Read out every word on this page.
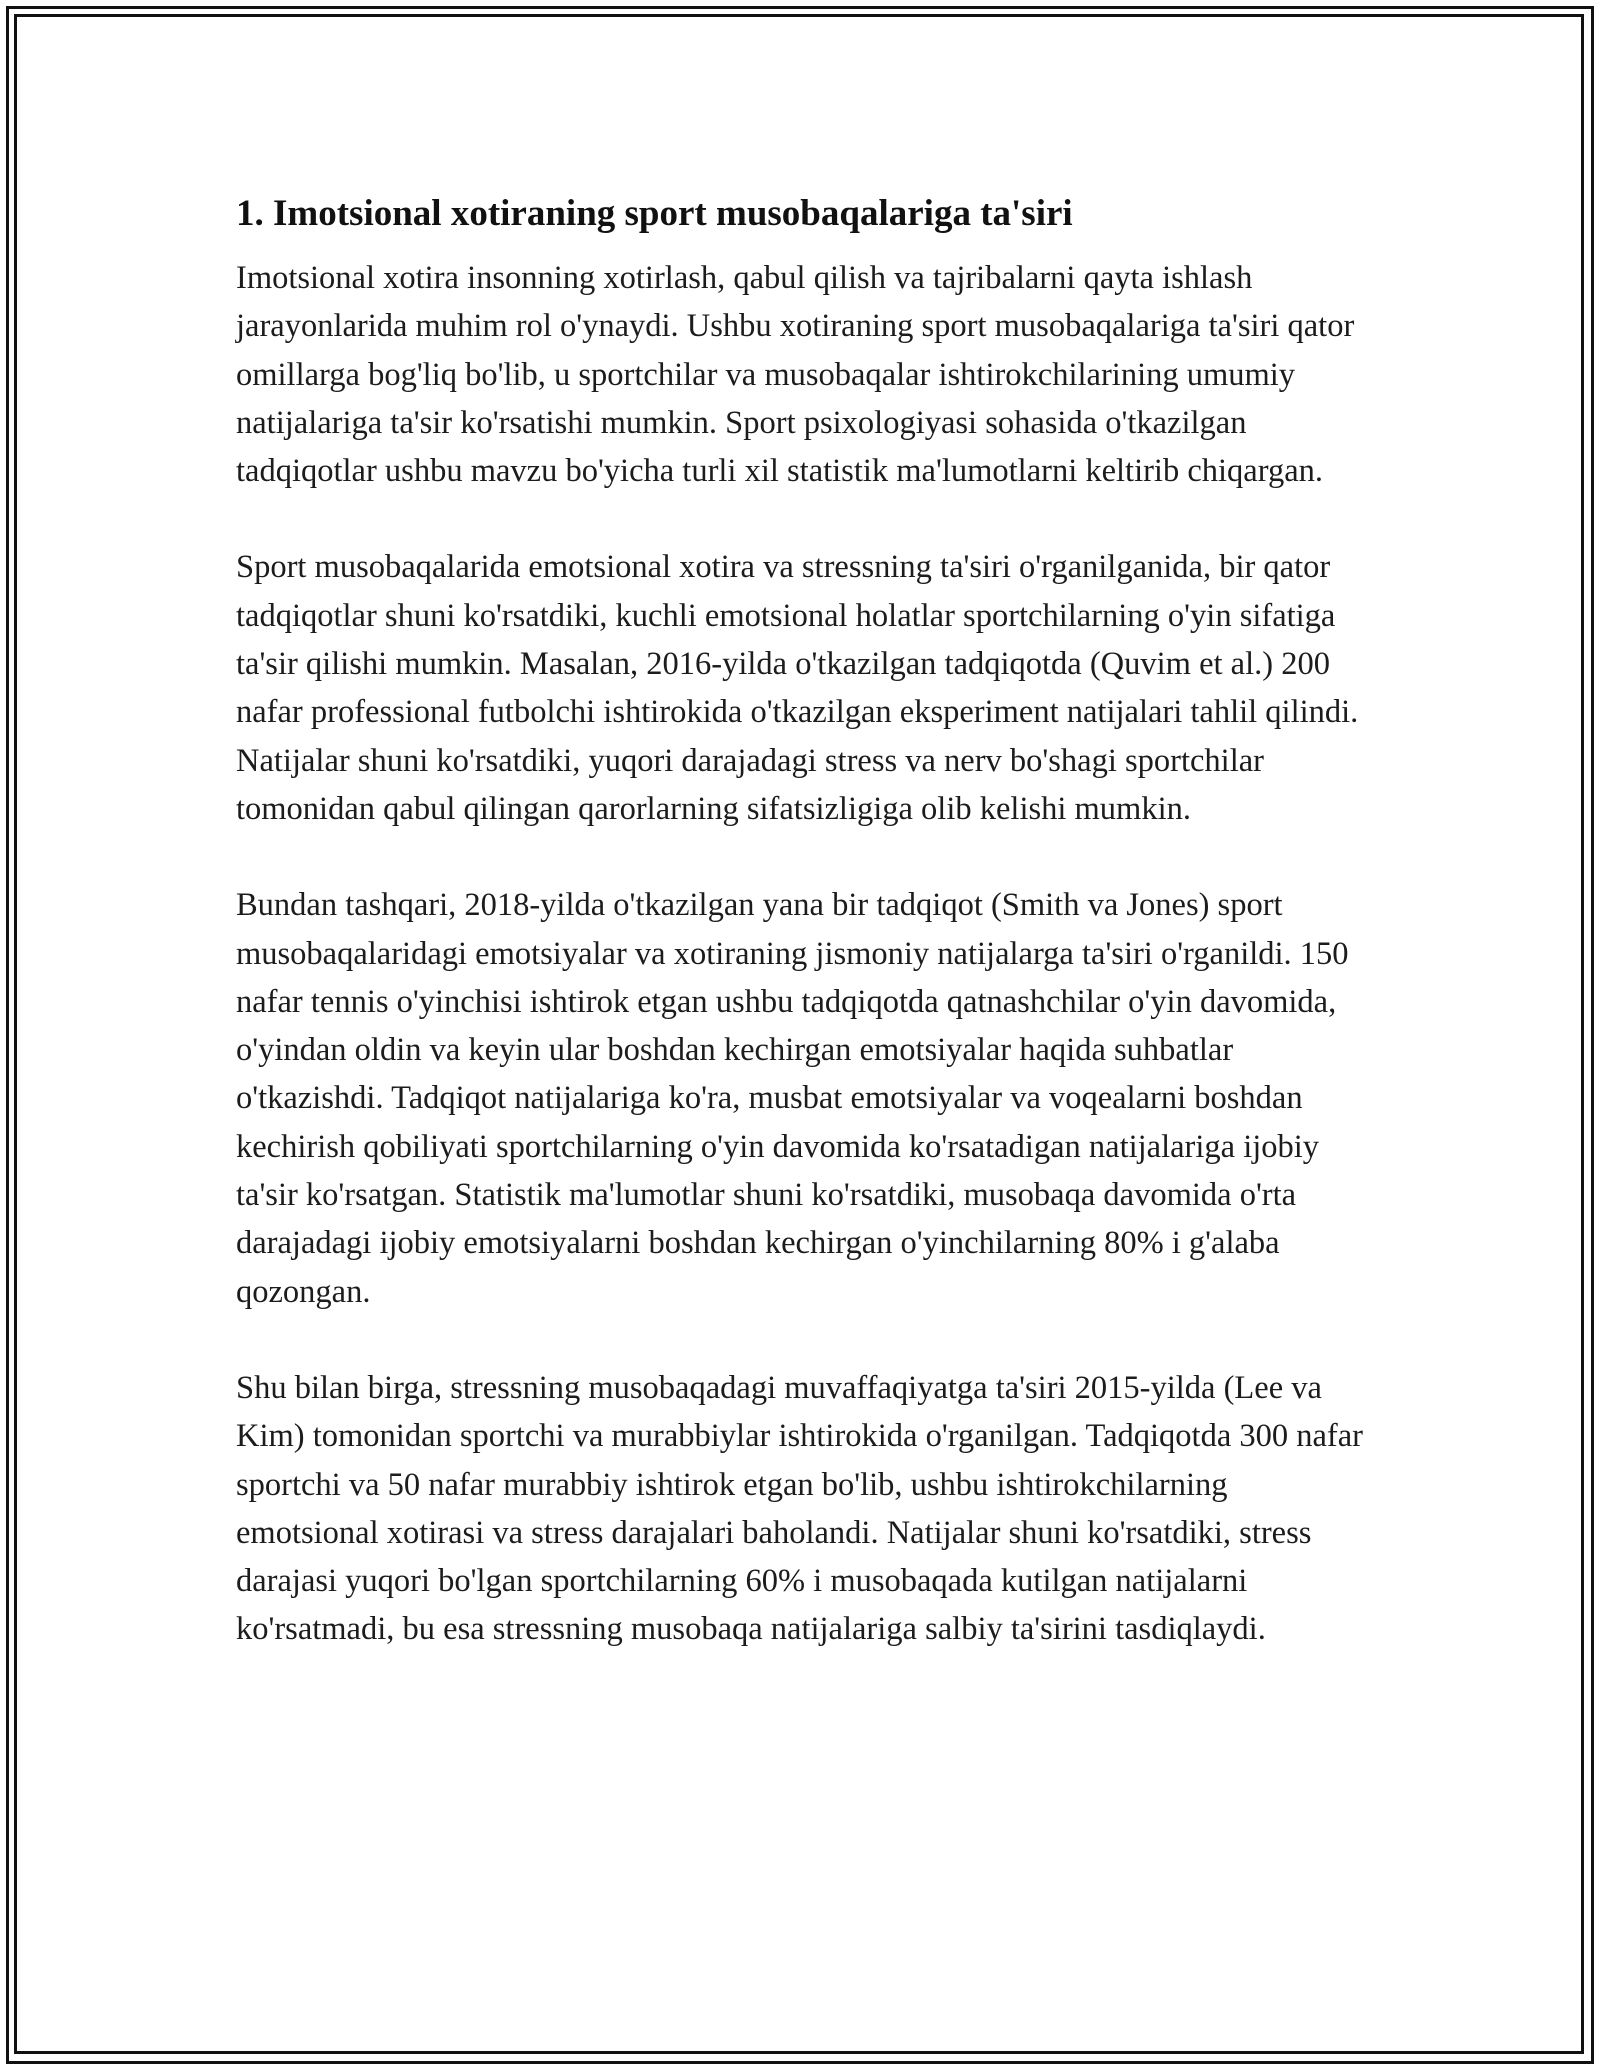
1. Imotsional xotiraning sport musobaqalariga ta'siri

Imotsional xotira insonning xotirlash, qabul qilish va tajribalarni qayta ishlash jarayonlarida muhim rol o'ynaydi. Ushbu xotiraning sport musobaqalariga ta'siri qator omillarga bog'liq bo'lib, u sportchilar va musobaqalar ishtirokchilarining umumiy natijalariga ta'sir ko'rsatishi mumkin. Sport psixologiyasi sohasida o'tkazilgan tadqiqotlar ushbu mavzu bo'yicha turli xil statistik ma'lumotlarni keltirib chiqargan.

Sport musobaqalarida emotsional xotira va stressning ta'siri o'rganilganida, bir qator tadqiqotlar shuni ko'rsatdiki, kuchli emotsional holatlar sportchilarning o'yin sifatiga ta'sir qilishi mumkin. Masalan, 2016-yilda o'tkazilgan tadqiqotda (Quvim et al.) 200 nafar professional futbolchi ishtirokida o'tkazilgan eksperiment natijalari tahlil qilindi. Natijalar shuni ko'rsatdiki, yuqori darajadagi stress va nerv bo'shagi sportchilar tomonidan qabul qilingan qarorlarning sifatsizligiga olib kelishi mumkin.

Bundan tashqari, 2018-yilda o'tkazilgan yana bir tadqiqot (Smith va Jones) sport musobaqalaridagi emotsiyalar va xotiraning jismoniy natijalarga ta'siri o'rganildi. 150 nafar tennis o'yinchisi ishtirok etgan ushbu tadqiqotda qatnashchilar o'yin davomida, o'yindan oldin va keyin ular boshdan kechirgan emotsiyalar haqida suhbatlar o'tkazishdi. Tadqiqot natijalariga ko'ra, musbat emotsiyalar va voqealarni boshdan kechirish qobiliyati sportchilarning o'yin davomida ko'rsatadigan natijalariga ijobiy ta'sir ko'rsatgan. Statistik ma'lumotlar shuni ko'rsatdiki, musobaqa davomida o'rta darajadagi ijobiy emotsiyalarni boshdan kechirgan o'yinchilarning 80% i g'alaba qozongan.

Shu bilan birga, stressning musobaqadagi muvaffaqiyatga ta'siri 2015-yilda (Lee va Kim) tomonidan sportchi va murabbiylar ishtirokida o'rganilgan. Tadqiqotda 300 nafar sportchi va 50 nafar murabbiy ishtirok etgan bo'lib, ushbu ishtirokchilarning emotsional xotirasi va stress darajalari baholandi. Natijalar shuni ko'rsatdiki, stress darajasi yuqori bo'lgan sportchilarning 60% i musobaqada kutilgan natijalarni ko'rsatmadi, bu esa stressning musobaqa natijalariga salbiy ta'sirini tasdiqlaydi.
